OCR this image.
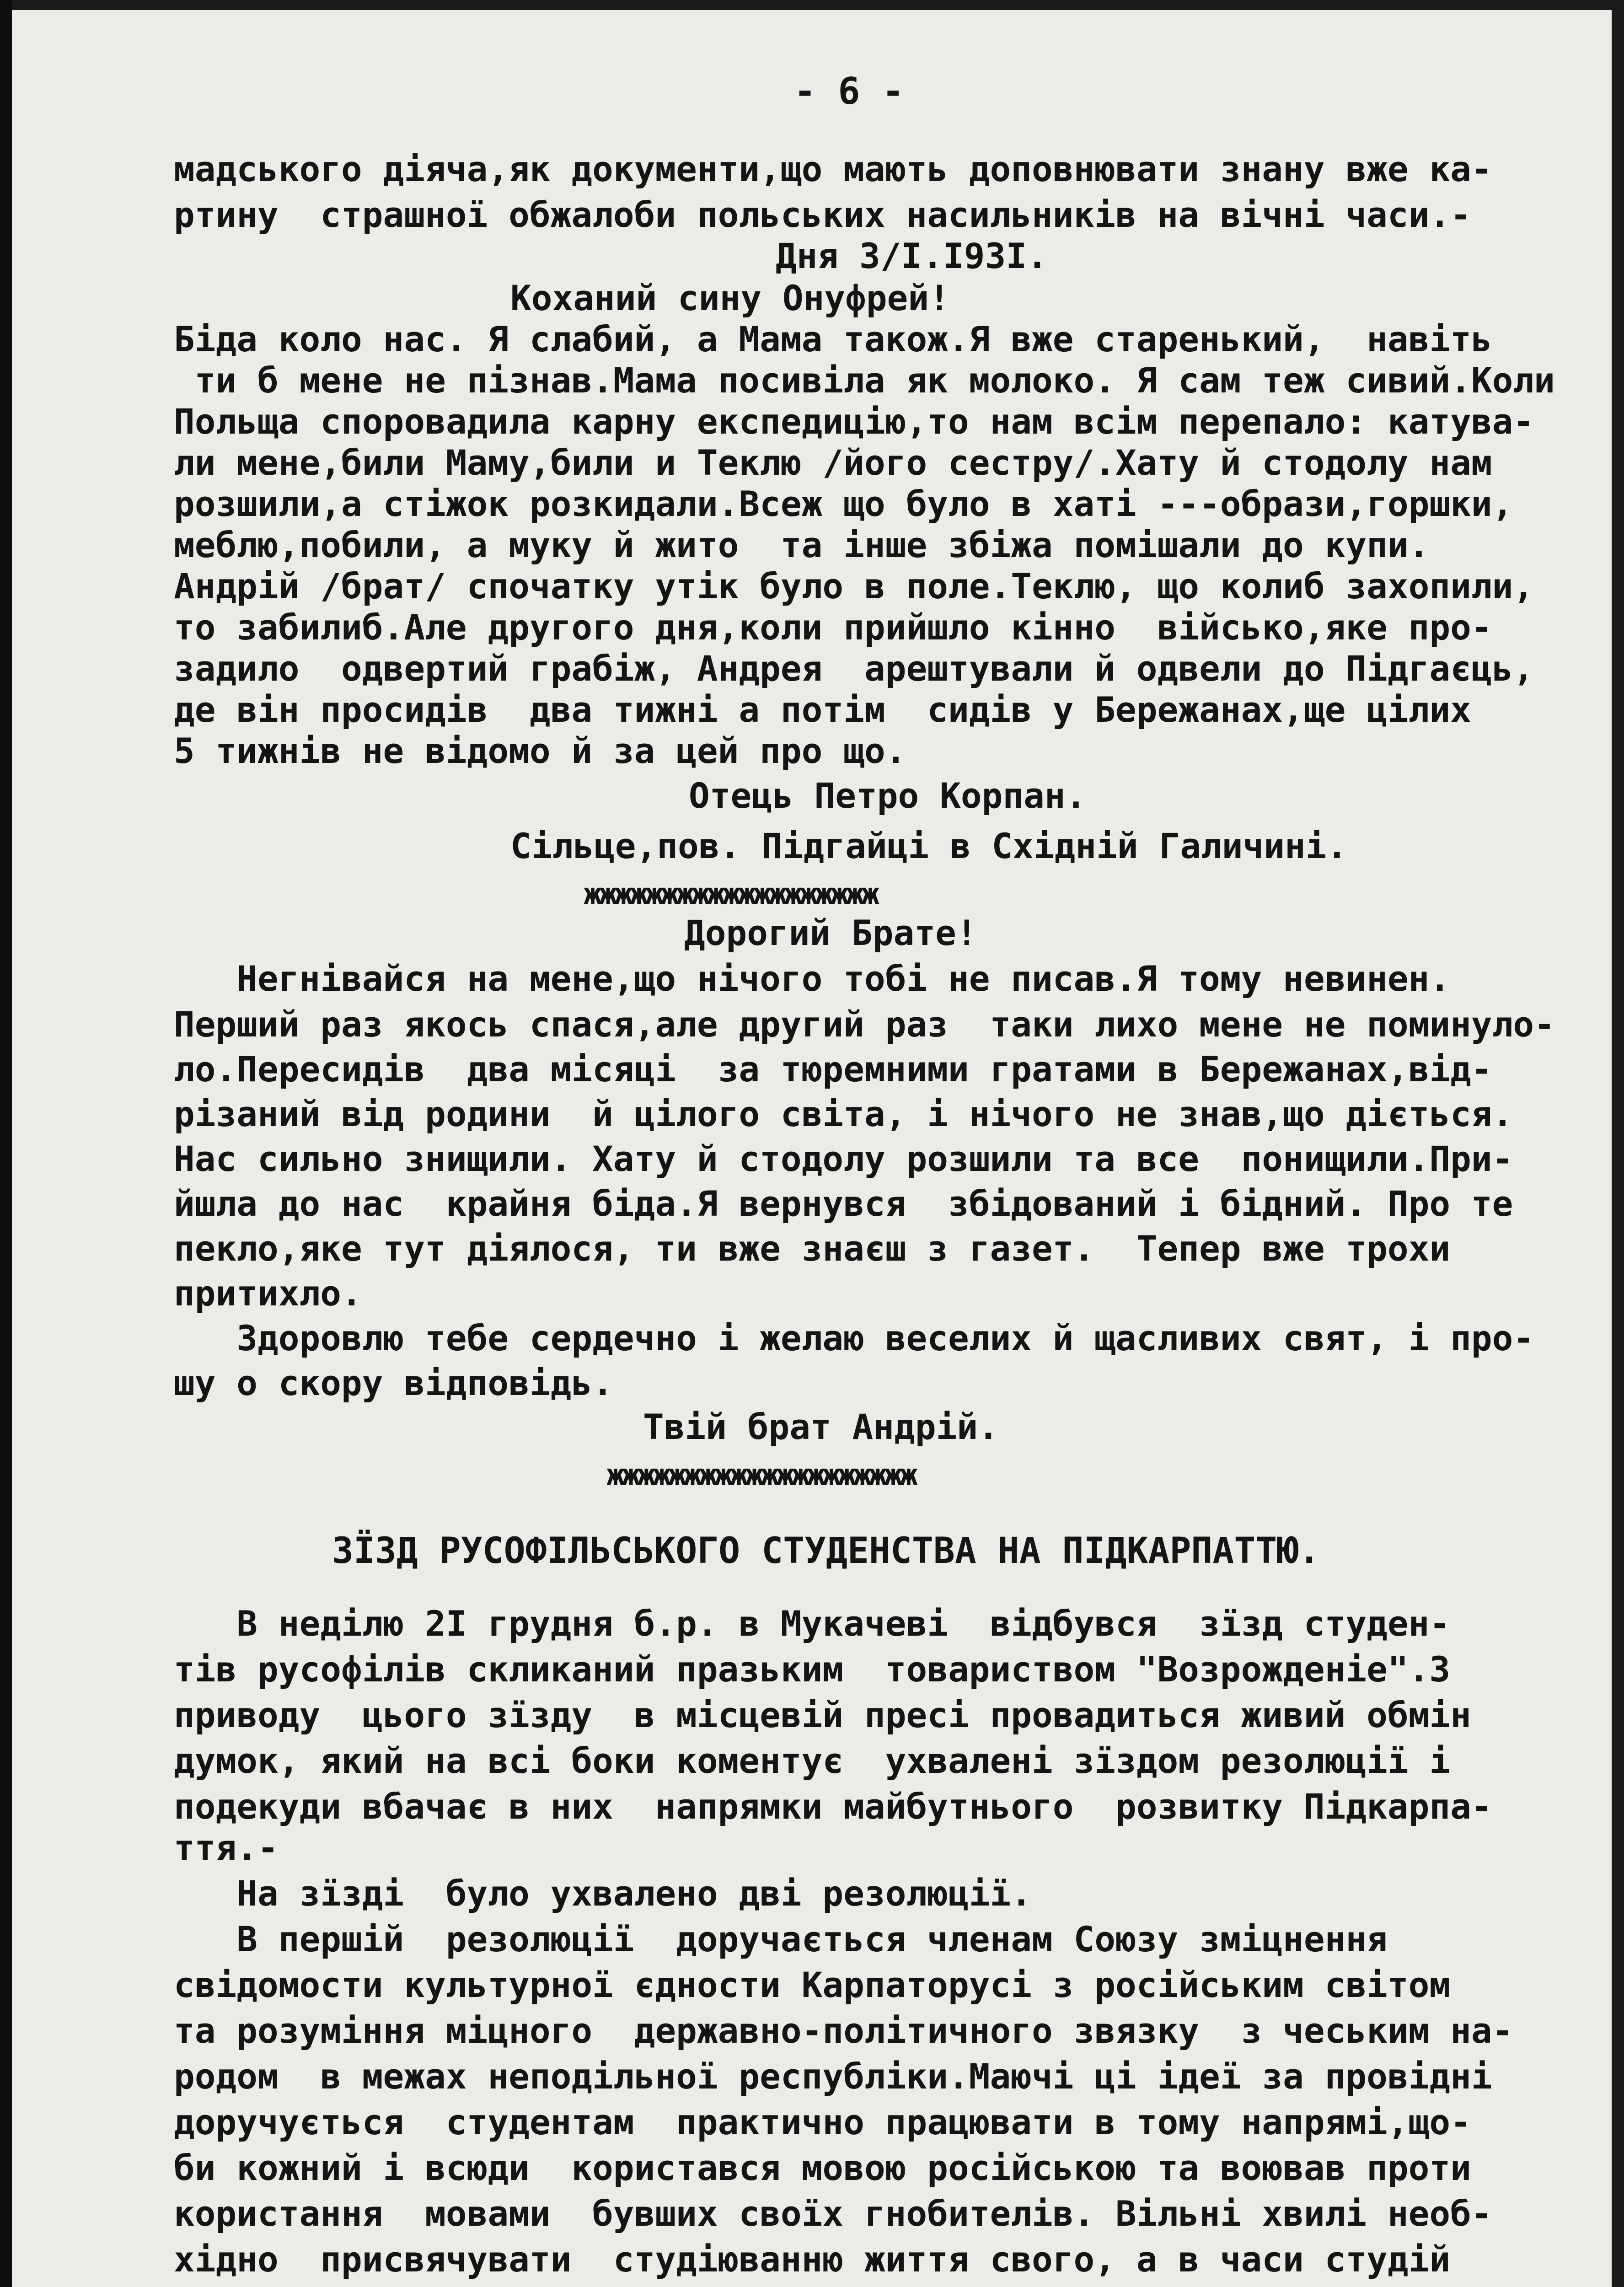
- 6 -
мадського діяча,як документи,що мають доповнювати знану вже ка-
ртину  страшної обжалоби польських насильників на вічні часи.-
Дня 3/I.I93I.
Коханий сину Онуфрей!
Біда коло нас. Я слабий, а Мама також.Я вже старенький,  навіть
ти б мене не пізнав.Мама посивіла як молоко. Я сам теж сивий.Коли
Польща споровадила карну експедицію,то нам всім перепало: катува-
ли мене,били Маму,били и Теклю /його сестру/.Хату й стодолу нам
розшили,а стіжок розкидали.Всеж що було в хаті ---образи,горшки,
меблю,побили, а муку й жито  та інше збіжа помішали до купи.
Андрій /брат/ спочатку утік було в поле.Теклю, що колиб захопили,
то забилиб.Але другого дня,коли прийшло кінно  військо,яке про-
задило  одвертий грабіж, Андрея  арештували й одвели до Підгаєць,
де він просидів  два тижні а потім  сидів у Бережанах,ще цілих
5 тижнів не відомо й за цей про що.
Отець Петро Корпан.
Сільце,пов. Підгайці в Східній Галичині.
жжжжжжжжжжжжжжжжжжж
Дорогий Брате!
Негнівайся на мене,що нічого тобі не писав.Я тому невинен.
Перший раз якось спася,але другий раз  таки лихо мене не поминуло-
ло.Пересидів  два місяці  за тюремними гратами в Бережанах,від-
різаний від родини  й цілого світа, і нічого не знав,що діється.
Нас сильно знищили. Хату й стодолу розшили та все  понищили.При-
йшла до нас  крайня біда.Я вернувся  збідований і бідний. Про те
пекло,яке тут діялося, ти вже знаєш з газет.  Тепер вже трохи
притихло.
Здоровлю тебе сердечно і желаю веселих й щасливих свят, і про-
шу о скору відповідь.
Твій брат Андрій.
жжжжжжжжжжжжжжжжжжжж
ЗЇЗД РУСОФІЛЬСЬКОГО СТУДЕНСТВА НА ПІДКАРПАТТЮ.
В неділю 2I грудня б.р. в Мукачеві  відбувся  зїзд студен-
тів русофілів скликаний празьким  товариством "Возрожденіе".З
приводу  цього зїзду  в місцевій пресі провадиться живий обмін
думок, який на всі боки коментує  ухвалені зїздом резолюції і
подекуди вбачає в них  напрямки майбутнього  розвитку Підкарпа-
ття.-
На зїзді  було ухвалено дві резолюції.
В першій  резолюції  доручається членам Союзу зміцнення
свідомости культурної єдности Карпаторусі з російським світом
та розуміння міцного  державно-політичного звязку  з чеським на-
родом  в межах неподільної республіки.Маючі ці ідеї за провідні
доручується  студентам  практично працювати в тому напрямі,що-
би кожний і всюди  користався мовою російською та воював проти
користання  мовами  бувших своїх гнобителів. Вільні хвилі необ-
хідно  присвячувати  студіюванню життя свого, а в часи студій
